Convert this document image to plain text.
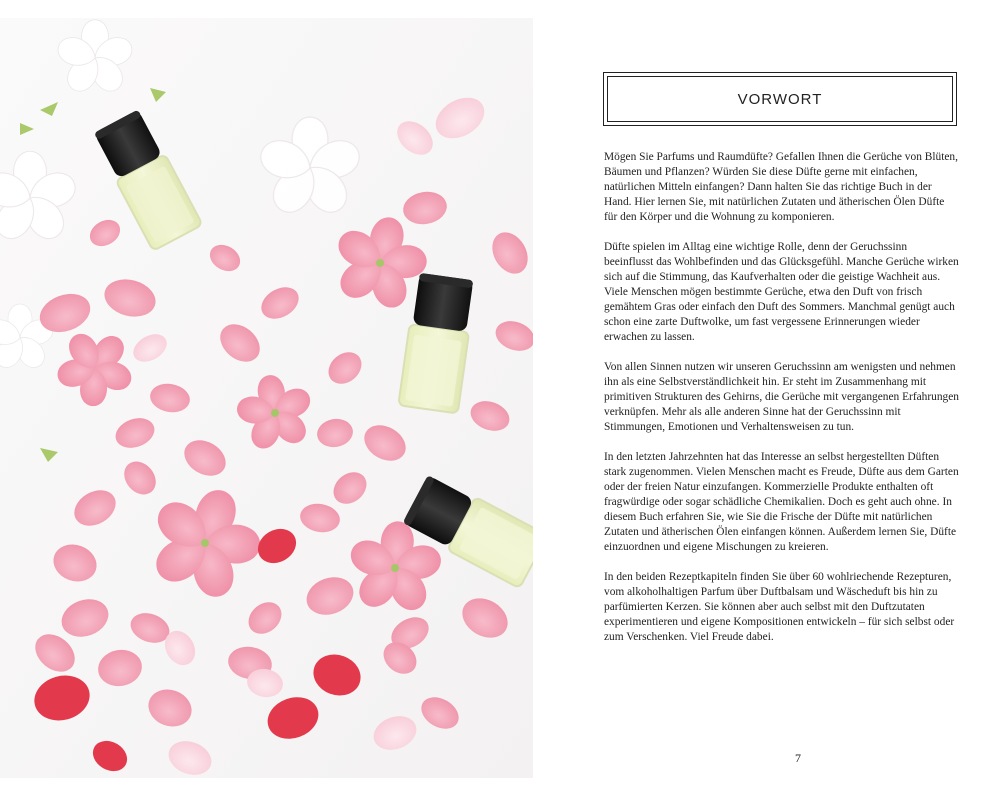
VORWORT

Mögen Sie Parfums und Raumdüfte? Gefallen Ihnen die Gerüche von Blüten, Bäumen und Pflanzen? Würden Sie diese Düfte gerne mit einfachen, natürlichen Mitteln einfangen? Dann halten Sie das richtige Buch in der Hand. Hier lernen Sie, mit natürlichen Zutaten und ätherischen Ölen Düfte für den Körper und die Wohnung zu komponieren.

Düfte spielen im Alltag eine wichtige Rolle, denn der Geruchssinn beeinflusst das Wohlbefinden und das Glücksgefühl. Manche Gerüche wirken sich auf die Stimmung, das Kaufverhalten oder die geistige Wachheit aus. Viele Menschen mögen bestimmte Gerüche, etwa den Duft von frisch gemähtem Gras oder einfach den Duft des Sommers. Manchmal genügt auch schon eine zarte Duftwolke, um fast vergessene Erinnerungen wieder erwachen zu lassen.

Von allen Sinnen nutzen wir unseren Geruchssinn am wenigsten und nehmen ihn als eine Selbstverständlichkeit hin. Er steht im Zusammenhang mit primitiven Strukturen des Gehirns, die Gerüche mit vergangenen Erfahrungen verknüpfen. Mehr als alle anderen Sinne hat der Geruchssinn mit Stimmungen, Emotionen und Verhaltensweisen zu tun.

In den letzten Jahrzehnten hat das Interesse an selbst hergestellten Düften stark zugenommen. Vielen Menschen macht es Freude, Düfte aus dem Garten oder der freien Natur einzufangen. Kommerzielle Produkte enthalten oft fragwürdige oder sogar schädliche Chemikalien. Doch es geht auch ohne. In diesem Buch erfahren Sie, wie Sie die Frische der Düfte mit natürlichen Zutaten und ätherischen Ölen einfangen können. Außerdem lernen Sie, Düfte einzuordnen und eigene Mischungen zu kreieren.

In den beiden Rezeptkapiteln finden Sie über 60 wohlriechende Rezepturen, vom alkoholhaltigen Parfum über Duftbalsam und Wäscheduft bis hin zu parfümierten Kerzen. Sie können aber auch selbst mit den Duftzutaten experimentieren und eigene Kompositionen entwickeln – für sich selbst oder zum Verschenken. Viel Freude dabei.

7
